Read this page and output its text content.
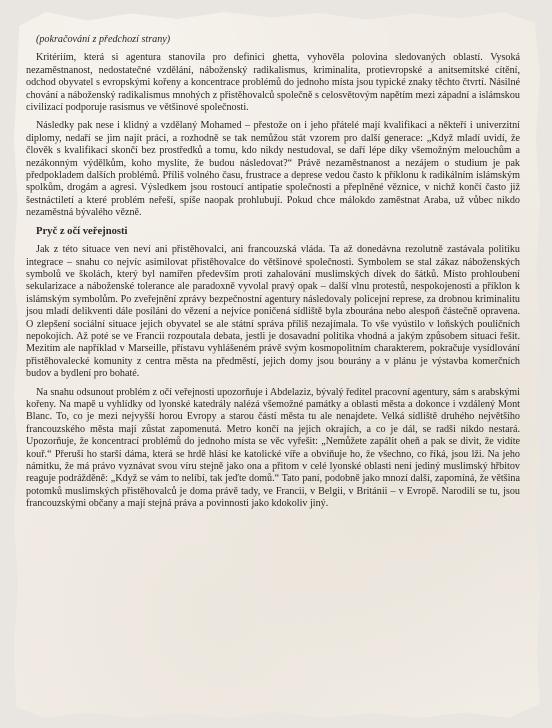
(pokračování z předchozí strany)

Kritériím, která si agentura stanovila pro definici ghetta, vyhověla polovina sledovaných oblastí. Vysoká nezaměstnanost, nedostatečné vzdělání, náboženský radikalismus, kriminalita, protievropské a anitsemitské cítění, odchod obyvatel s evropskými kořeny a koncentrace problémů do jednoho místa jsou typické znaky těchto čtvrtí. Násilné chování a náboženský radikalismus mnohých z přistěhovalců společně s celosvětovým napětím mezi západní a islámskou civilizací podporuje rasismus ve většinové společnosti.

Následky pak nese i klidný a vzdělaný Mohamed – přestože on i jeho přátelé mají kvalifikaci a někteří i univerzitní diplomy, nedaří se jim najít práci, a rozhodně se tak nemůžou stát vzorem pro další generace: „Když mladí uvidí, že člověk s kvalifikací skončí bez prostředků a tomu, kdo nikdy nestudoval, se daří lépe díky všemožným melouchům a nezákonným výdělkům, koho myslíte, že budou následovat?“ Právě nezaměstnanost a nezájem o studium je pak předpokladem dalších problémů. Příliš volného času, frustrace a deprese vedou často k příklonu k radikálním islámským spolkům, drogám a agresi. Výsledkem jsou rostoucí antipatie společnosti a přeplněné věznice, v nichž končí často již šestnáctiletí a které problém neřeší, spíše naopak prohlubují. Pokud chce málokdo zaměstnat Araba, už vůbec nikdo nezaměstná bývalého vězně.

Pryč z očí veřejnosti

Jak z této situace ven neví ani přistěhovalci, ani francouzská vláda. Ta až donedávna rezolutně zastávala politiku integrace – snahu co nejvíc asimilovat přistěhovalce do většinové společnosti. Symbolem se stal zákaz náboženských symbolů ve školách, který byl namířen především proti zahalování muslimských dívek do šátků. Místo prohloubení sekularizace a náboženské tolerance ale paradoxně vyvolal pravý opak – další vlnu protestů, nespokojenosti a příklon k islámským symbolům. Po zveřejnění zprávy bezpečnostní agentury následovaly policejní represe, za drobnou kriminalitu jsou mladí delikventi dále posíláni do vězení a nejvíce poničená sídliště byla zbourána nebo alespoň částečně opravena. O zlepšení sociální situace jejich obyvatel se ale státní správa příliš nezajímala. To vše vyústilo v loňských pouličních nepokojích. Až poté se ve Francii rozpoutala debata, jestli je dosavadní politika vhodná a jakým způsobem situaci řešit. Mezitím ale například v Marseille, přístavu vyhlášeném právě svým kosmopolitním charakterem, pokračuje vysídlování přistěhovalecké komunity z centra města na předměstí, jejich domy jsou bourány a v plánu je výstavba komerčních budov a bydlení pro bohaté.

Na snahu odsunout problém z očí veřejnosti upozorňuje i Abdelaziz, bývalý ředitel pracovní agentury, sám s arabskými kořeny. Na mapě u vyhlídky od lyonské katedrály nalézá všemožné památky a oblasti města a dokonce i vzdálený Mont Blanc. To, co je mezi nejvyšší horou Evropy a starou částí města tu ale nenajdete. Velká sídliště druhého největšího francouzského města mají zůstat zapomenutá. Metro končí na jejich okrajích, a co je dál, se radši nikdo nestará. Upozorňuje, že koncentrací problémů do jednoho místa se věc vyřešit: „Nemůžete zapálit oheň a pak se divit, že vidíte kouř.“ Přeruší ho starší dáma, která se hrdě hlásí ke katolické víře a obviňuje ho, že všechno, co říká, jsou lži. Na jeho námitku, že má právo vyznávat svou víru stejně jako ona a přitom v celé lyonské oblasti není jediný muslimský hřbitov reaguje podrážděně: „Když se vám to nelíbí, tak jeďte domů.“ Tato paní, podobně jako mnozí další, zapomíná, že většina potomků muslimských přistěhovalců je doma právě tady, ve Francii, v Belgii, v Británii – v Evropě. Narodili se tu, jsou francouzskými občany a mají stejná práva a povinnosti jako kdokoliv jiný.
